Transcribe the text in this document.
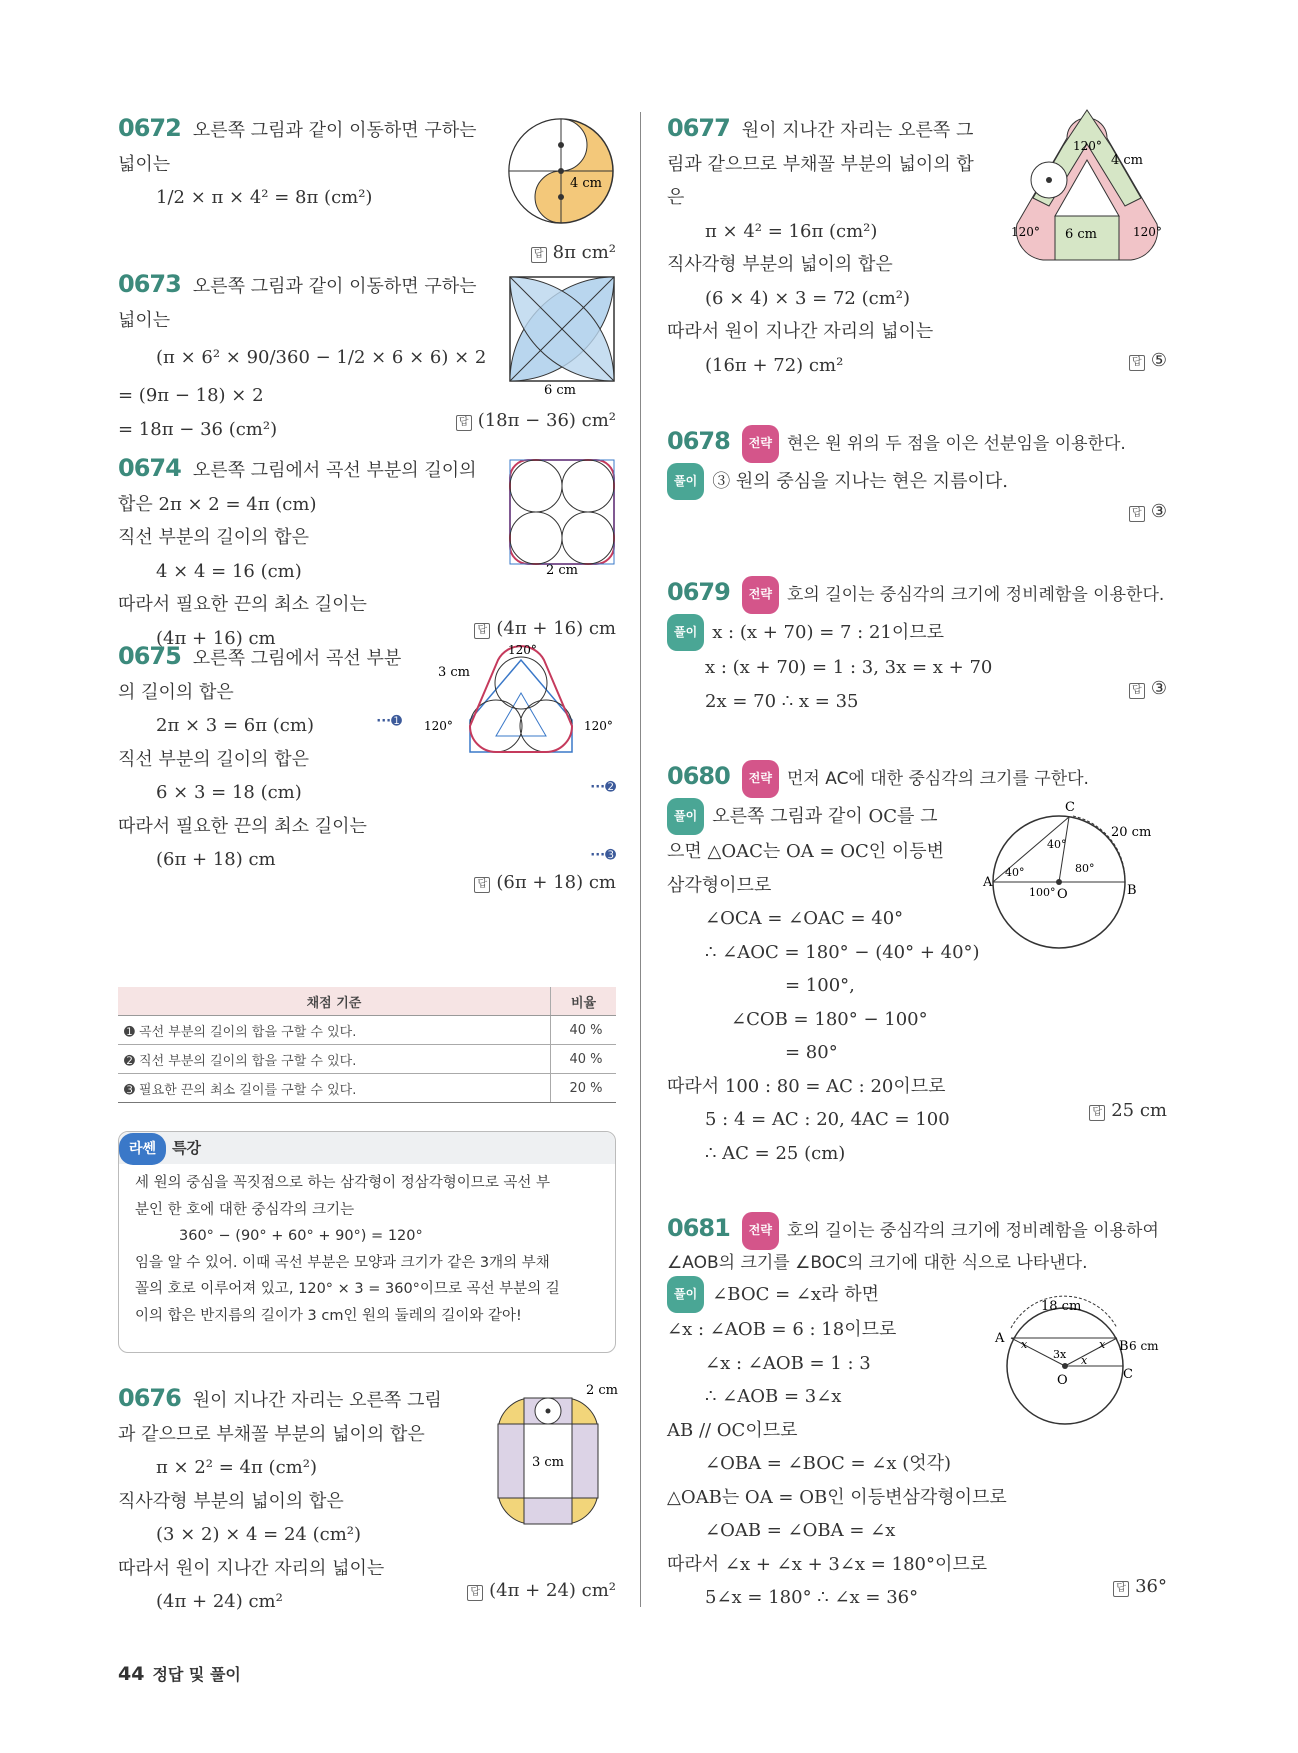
0672 오른쪽 그림과 같이 이동하면 구하는
넓이는
1/2 × π × 4² = 8π (cm²)
답 8π cm²
4 cm
0673 오른쪽 그림과 같이 이동하면 구하는
넓이는
(π × 6² × 90/360 − 1/2 × 6 × 6) × 2
= (9π − 18) × 2
= 18π − 36 (cm²)	답 (18π − 36) cm²
6 cm
0674 오른쪽 그림에서 곡선 부분의 길이의
합은 2π × 2 = 4π (cm)
직선 부분의 길이의 합은
4 × 4 = 16 (cm)
따라서 필요한 끈의 최소 길이는
(4π + 16) cm	답 (4π + 16) cm
2 cm
0675 오른쪽 그림에서 곡선 부분
의 길이의 합은
2π × 3 = 6π (cm)
직선 부분의 길이의 합은
6 × 3 = 18 (cm)
따라서 필요한 끈의 최소 길이는
(6π + 18) cm
···➊
···➋
···➌
답 (6π + 18) cm
3 cm
120°
120°	120°
채점 기준	비율
➊ 곡선 부분의 길이의 합을 구할 수 있다.	40 %
➋ 직선 부분의 길이의 합을 구할 수 있다.	40 %
➌ 필요한 끈의 최소 길이를 구할 수 있다.	20 %
라쎈 특강
세 원의 중심을 꼭짓점으로 하는 삼각형이 정삼각형이므로 곡선 부
분인 한 호에 대한 중심각의 크기는
360° − (90° + 60° + 90°) = 120°
임을 알 수 있어. 이때 곡선 부분은 모양과 크기가 같은 3개의 부채
꼴의 호로 이루어져 있고, 120° × 3 = 360°이므로 곡선 부분의 길
이의 합은 반지름의 길이가 3 cm인 원의 둘레의 길이와 같아!
0676 원이 지나간 자리는 오른쪽 그림
과 같으므로 부채꼴 부분의 넓이의 합은
π × 2² = 4π (cm²)
직사각형 부분의 넓이의 합은
(3 × 2) × 4 = 24 (cm²)
따라서 원이 지나간 자리의 넓이는
(4π + 24) cm²	답 (4π + 24) cm²
2 cm
3 cm
0677 원이 지나간 자리는 오른쪽 그
림과 같으므로 부채꼴 부분의 넓이의 합
은
π × 4² = 16π (cm²)
직사각형 부분의 넓이의 합은
(6 × 4) × 3 = 72 (cm²)
따라서 원이 지나간 자리의 넓이는
(16π + 72) cm²	답 ⑤
120°
4 cm
120° 6 cm	120°
0678 전략 현은 원 위의 두 점을 이은 선분임을 이용한다.
풀이 ③ 원의 중심을 지나는 현은 지름이다.
답 ③
0679 전략 호의 길이는 중심각의 크기에 정비례함을 이용한다.
풀이 x : (x + 70) = 7 : 21이므로
x : (x + 70) = 1 : 3, 3x = x + 70
2x = 70 ∴ x = 35	답 ③
0680 전략 먼저 AC에 대한 중심각의 크기를 구한다.
풀이 오른쪽 그림과 같이 OC를 그
으면 △OAC는 OA = OC인 이등변
삼각형이므로
∠OCA = ∠OAC = 40°
∴ ∠AOC = 180° − (40° + 40°)
= 100°,
∠COB = 180° − 100°
= 80°
따라서 100 : 80 = AC : 20이므로
5 : 4 = AC : 20, 4AC = 100
∴ AC = 25 (cm)
답 25 cm
C
20 cm
40°
80°
A
40°
100° O	B
0681 전략 호의 길이는 중심각의 크기에 정비례함을 이용하여
∠AOB의 크기를 ∠BOC의 크기에 대한 식으로 나타낸다.
풀이 ∠BOC = ∠x라 하면
∠x : ∠AOB = 6 : 18이므로
∠x : ∠AOB = 1 : 3
∴ ∠AOB = 3∠x
AB // OC이므로
∠OBA = ∠BOC = ∠x (엇각)
△OAB는 OA = OB인 이등변삼각형이므로
∠OAB = ∠OBA = ∠x
따라서 ∠x + ∠x + 3∠x = 180°이므로
5∠x = 180° ∴ ∠x = 36°	답 36°
18 cm
A x	x
3x
B 6 cm
x
O	C
44 정답 및 풀이
